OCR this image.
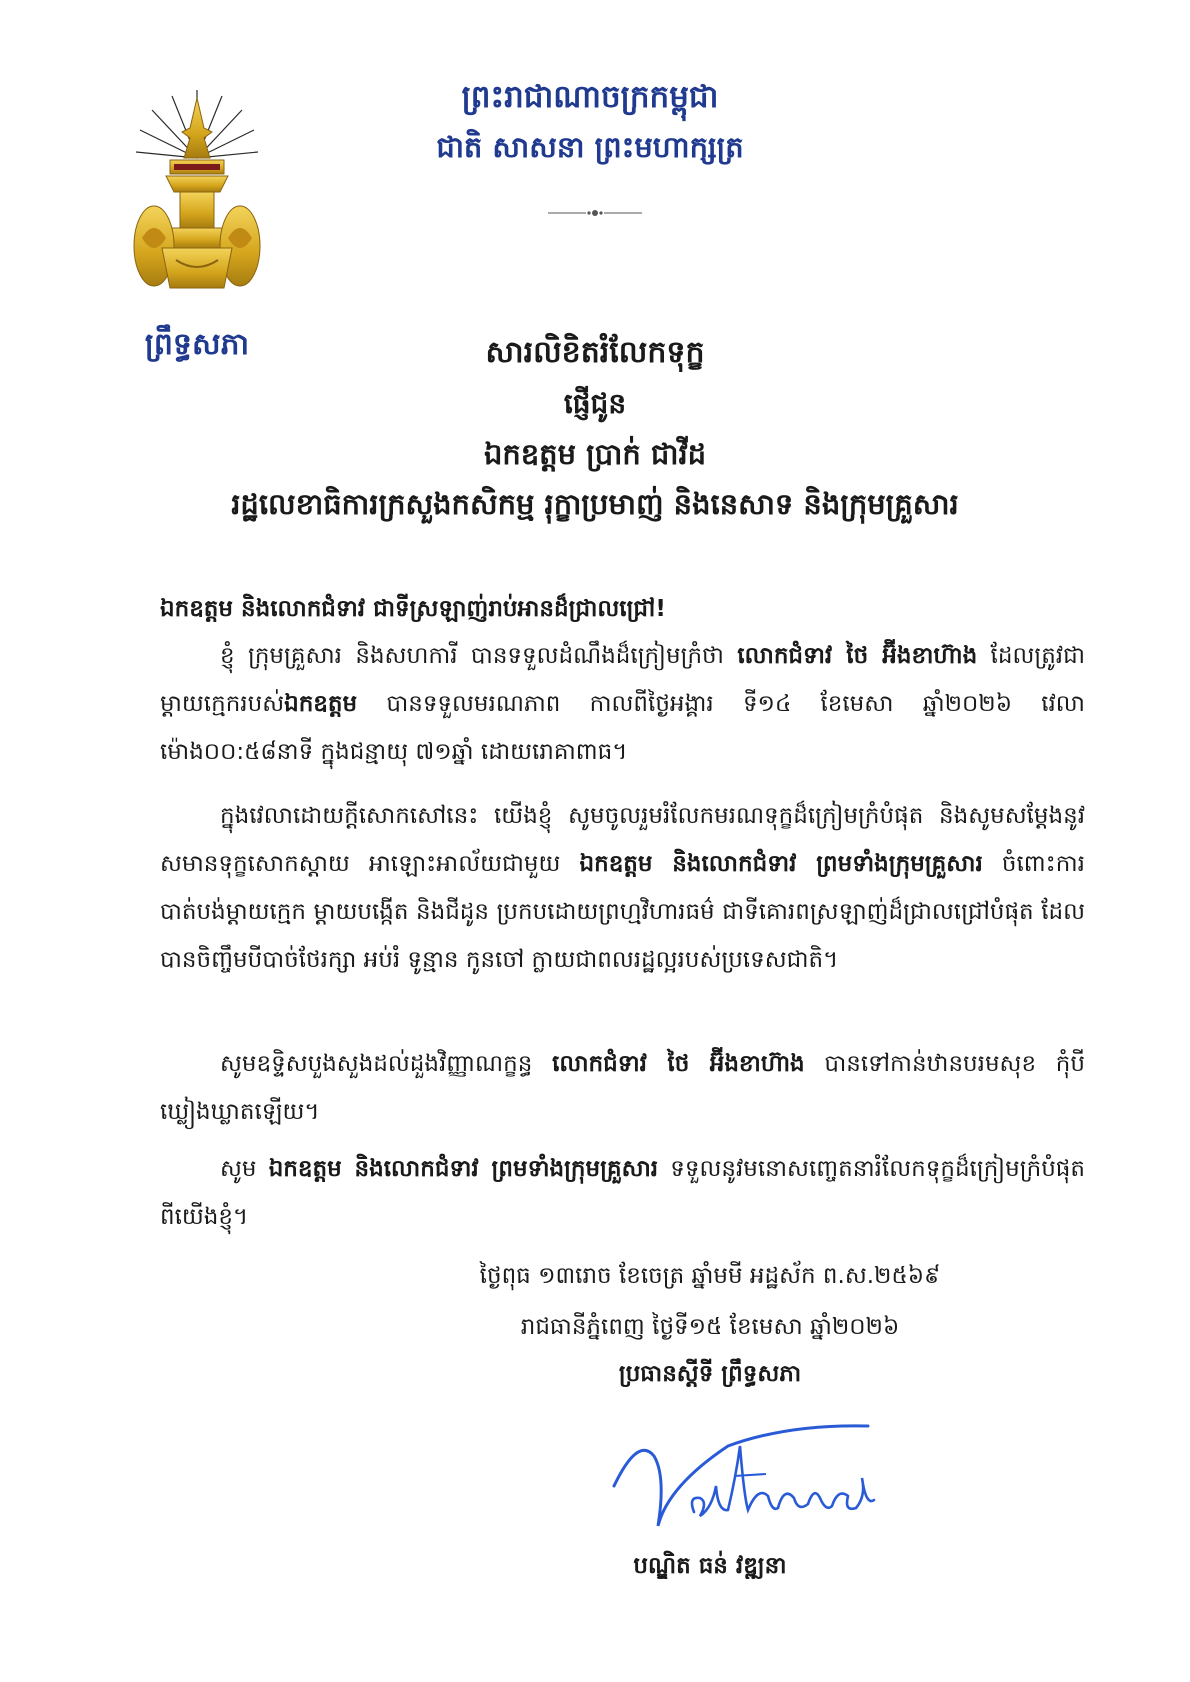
ព្រឹទ្ធសភា
ព្រះរាជាណាចក្រកម្ពុជា
ជាតិ សាសនា ព្រះមហាក្សត្រ
សារលិខិតរំលែកទុក្ខ
ផ្ញើជូន
ឯកឧត្តម ប្រាក់ ជាវីដ
រដ្ឋលេខាធិការក្រសួងកសិកម្ម រុក្ខាប្រមាញ់ និងនេសាទ និងក្រុមគ្រួសារ
ឯកឧត្តម និងលោកជំទាវ ជាទីស្រឡាញ់រាប់អានដ៏ជ្រាលជ្រៅ!
ខ្ញុំ ក្រុមគ្រួសារ និងសហការី បានទទួលដំណឹងដ៏ក្រៀមក្រំថា លោកជំទាវ ថៃ អ៊ីងខាហ៊ាង ដែលត្រូវជាម្ដាយក្មេករបស់ឯកឧត្តម បានទទួលមរណភាព កាលពីថ្ងៃអង្គារ ទី១៤ ខែមេសា ឆ្នាំ២០២៦ វេលាម៉ោង០០:៥៨នាទី ក្នុងជន្មាយុ ៧១ឆ្នាំ ដោយរោគាពាធ។
ក្នុងវេលាដោយក្ដីសោកសៅនេះ យើងខ្ញុំ សូមចូលរួមរំលែកមរណទុក្ខដ៏ក្រៀមក្រំបំផុត និងសូមសម្ដែងនូវសមានទុក្ខសោកស្ដាយ អាឡោះអាល័យជាមួយ ឯកឧត្តម និងលោកជំទាវ ព្រមទាំងក្រុមគ្រួសារ ចំពោះការបាត់បង់ម្ដាយក្មេក ម្ដាយបង្កើត និងជីដូន ប្រកបដោយព្រហ្មវិហារធម៌ ជាទីគោរពស្រឡាញ់ដ៏ជ្រាលជ្រៅបំផុត ដែលបានចិញ្ចឹមបីបាច់ថែរក្សា អប់រំ ទូន្មាន កូនចៅ ក្លាយជាពលរដ្ឋល្អរបស់ប្រទេសជាតិ។
សូមឧទ្ទិសបួងសួងដល់ដួងវិញ្ញាណក្ខន្ធ លោកជំទាវ ថៃ អ៊ីងខាហ៊ាង បានទៅកាន់ឋានបរមសុខ កុំបីឃ្លៀងឃ្លាតឡើយ។
សូម ឯកឧត្តម និងលោកជំទាវ ព្រមទាំងក្រុមគ្រួសារ ទទួលនូវមនោសញ្ចេតនារំលែកទុក្ខដ៏ក្រៀមក្រំបំផុត ពីយើងខ្ញុំ។
ថ្ងៃពុធ ១៣រោច ខែចេត្រ ឆ្នាំមមី អដ្ឋស័ក ព.ស.២៥៦៩
រាជធានីភ្នំពេញ ថ្ងៃទី១៥ ខែមេសា ឆ្នាំ២០២៦
ប្រធានស្ដីទី ព្រឹទ្ធសភា
បណ្ឌិត ធន់ វឌ្ឍនា
